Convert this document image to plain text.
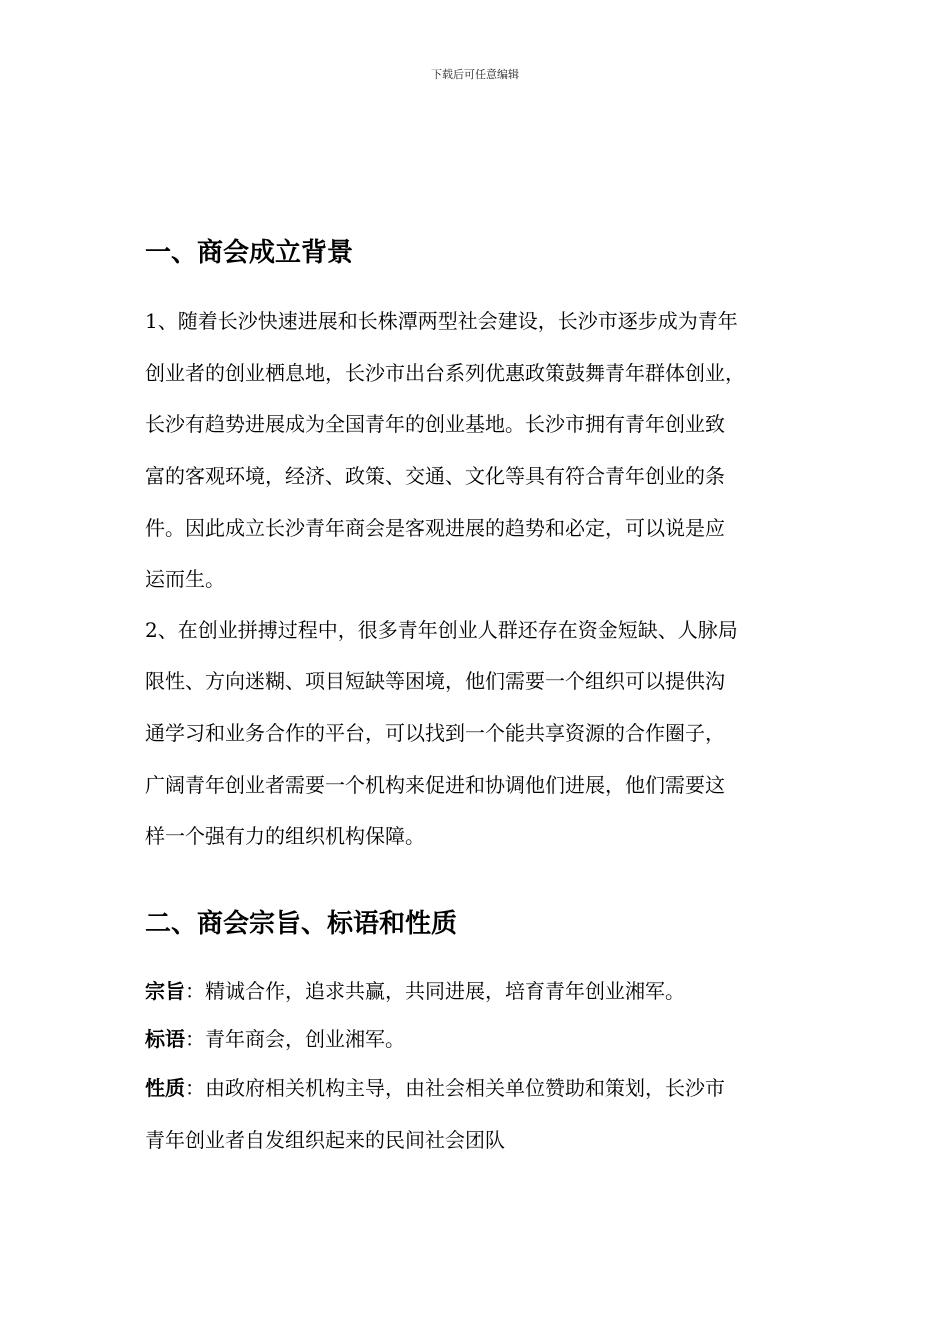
下载后可任意编辑
一、商会成立背景
1、随着长沙快速进展和长株潭两型社会建设，长沙市逐步成为青年
创业者的创业栖息地，长沙市出台系列优惠政策鼓舞青年群体创业，
长沙有趋势进展成为全国青年的创业基地。长沙市拥有青年创业致
富的客观环境，经济、政策、交通、文化等具有符合青年创业的条
件。因此成立长沙青年商会是客观进展的趋势和必定，可以说是应
运而生。
2、在创业拼搏过程中，很多青年创业人群还存在资金短缺、人脉局
限性、方向迷糊、项目短缺等困境，他们需要一个组织可以提供沟
通学习和业务合作的平台，可以找到一个能共享资源的合作圈子，
广阔青年创业者需要一个机构来促进和协调他们进展，他们需要这
样一个强有力的组织机构保障。
二、商会宗旨、标语和性质
宗旨：精诚合作，追求共赢，共同进展，培育青年创业湘军。
标语：青年商会，创业湘军。
性质：由政府相关机构主导，由社会相关单位赞助和策划，长沙市
青年创业者自发组织起来的民间社会团队
